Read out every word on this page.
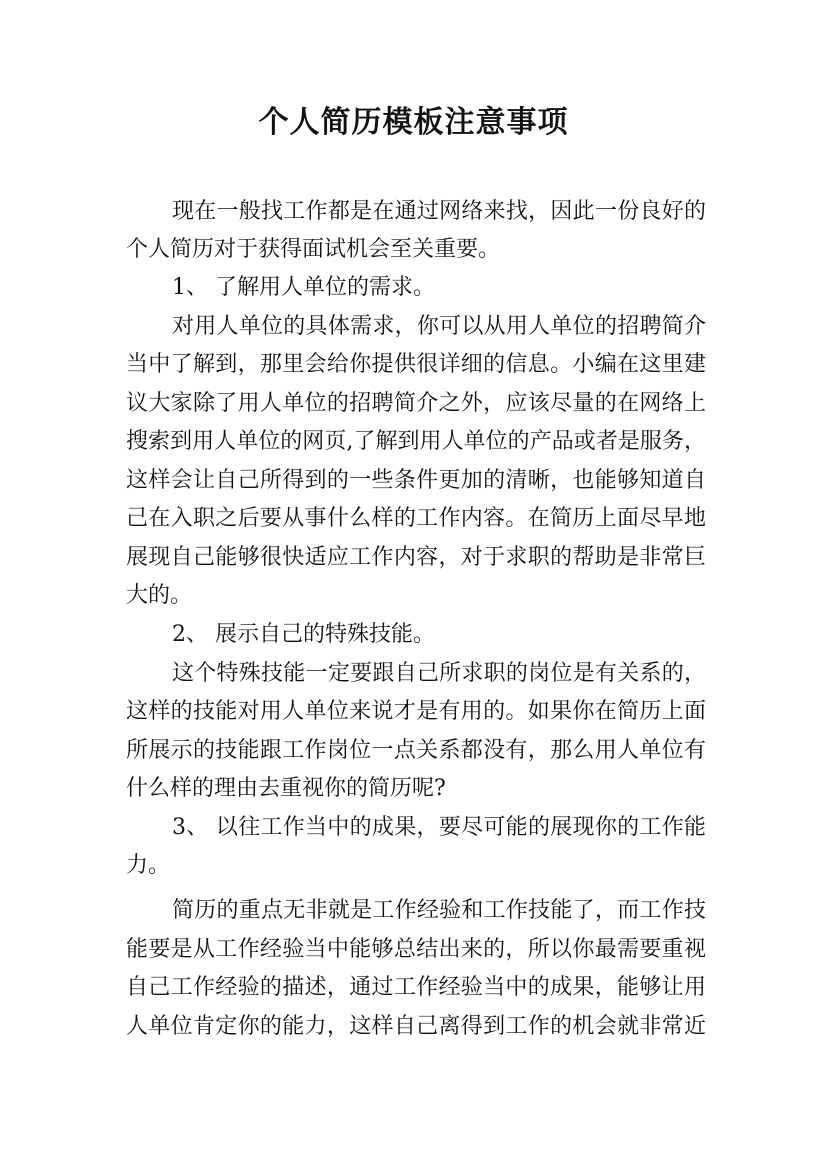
个人简历模板注意事项
现在一般找工作都是在通过网络来找，因此一份良好的
个人简历对于获得面试机会至关重要。
1、 了解用人单位的需求。
对用人单位的具体需求，你可以从用人单位的招聘简介
当中了解到，那里会给你提供很详细的信息。小编在这里建
议大家除了用人单位的招聘简介之外，应该尽量的在网络上
搜索到用人单位的网页,了解到用人单位的产品或者是服务，
这样会让自己所得到的一些条件更加的清晰，也能够知道自
己在入职之后要从事什么样的工作内容。在简历上面尽早地
展现自己能够很快适应工作内容，对于求职的帮助是非常巨
大的。
2、 展示自己的特殊技能。
这个特殊技能一定要跟自己所求职的岗位是有关系的，
这样的技能对用人单位来说才是有用的。如果你在简历上面
所展示的技能跟工作岗位一点关系都没有，那么用人单位有
什么样的理由去重视你的简历呢?
3、 以往工作当中的成果，要尽可能的展现你的工作能
力。
简历的重点无非就是工作经验和工作技能了，而工作技
能要是从工作经验当中能够总结出来的，所以你最需要重视
自己工作经验的描述，通过工作经验当中的成果，能够让用
人单位肯定你的能力，这样自己离得到工作的机会就非常近
